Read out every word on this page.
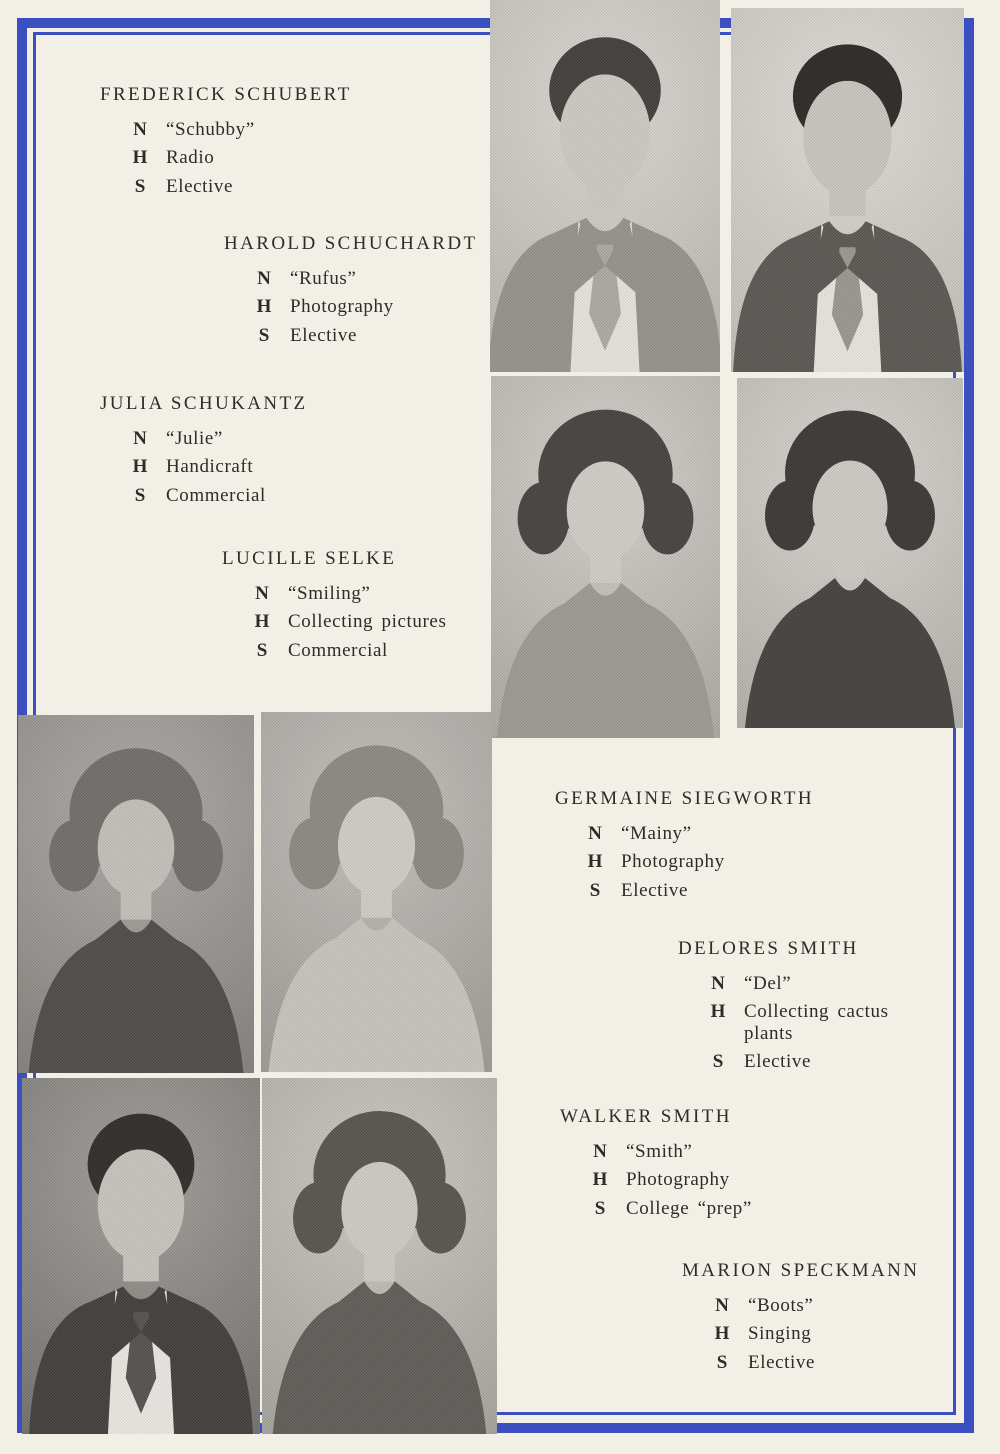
FREDERICK SCHUBERT
N “Schubby”
H Radio
S	Elective
HAROLD SCHUCHARDT
N “Rufus”
H Photography
S	Elective
JULIA SCHUKANTZ
N “Julie”
H Handicraft
S	Commercial
LUCILLE SELKE
N “Smiling”
H Collecting pictures
S	Commercial
GERMAINE SIEGWORTH
N “Mainy”
H Photography
S	Elective
DELORES SMITH
N “Del”
H Collecting cactus plants
S	Elective
WALKER SMITH
N “Smith”
H Photography
S	College “prep”
MARION SPECKMANN
N “Boots”
H Singing
S	Elective
